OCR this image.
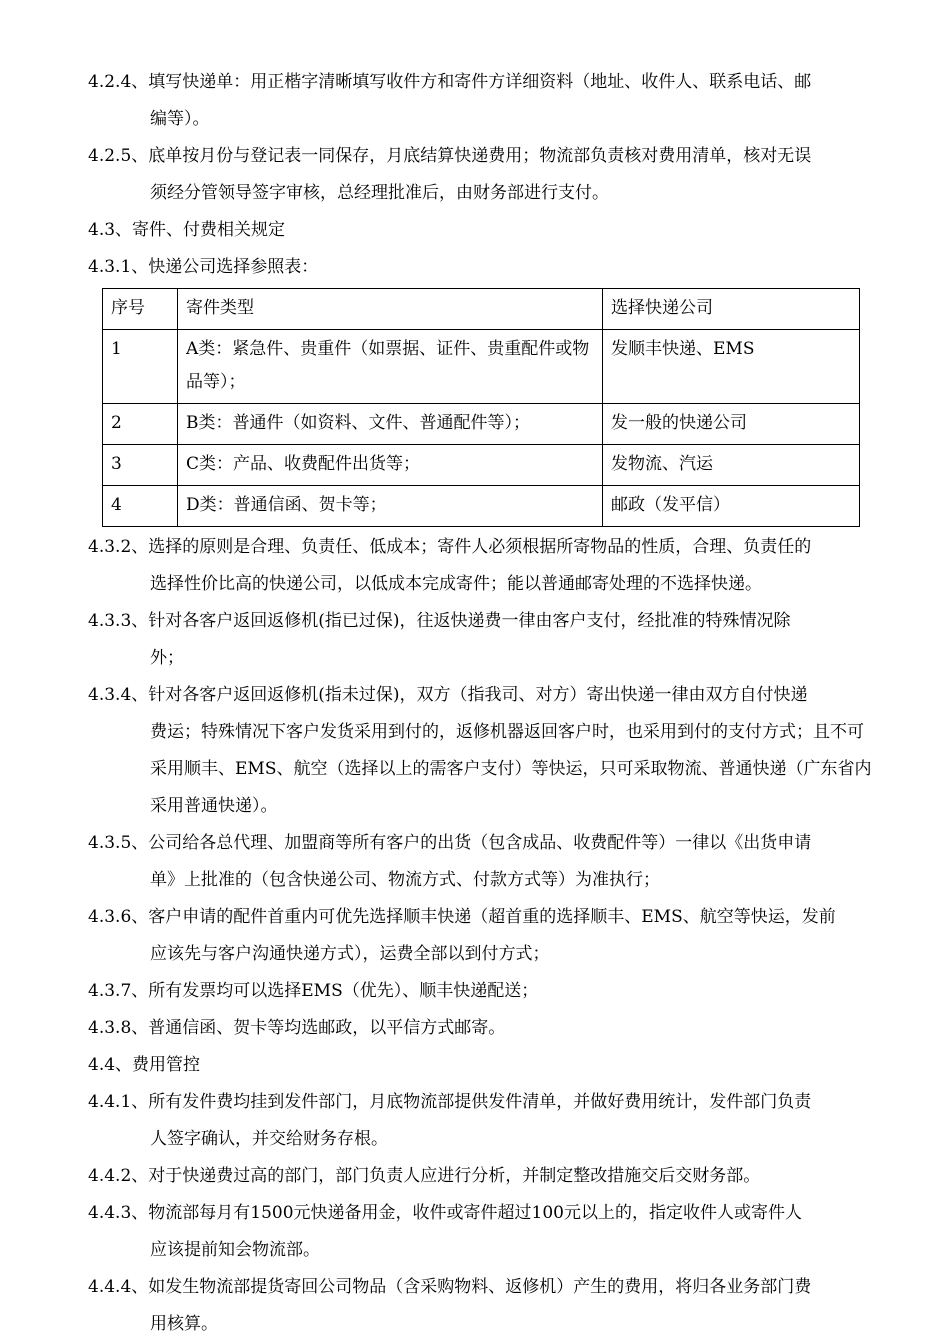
4.2.4、填写快递单：用正楷字清晰填写收件方和寄件方详细资料（地址、收件人、联系电话、邮
编等）。

4.2.5、底单按月份与登记表一同保存，月底结算快递费用；物流部负责核对费用清单，核对无误
须经分管领导签字审核，总经理批准后，由财务部进行支付。

4.3、寄件、付费相关规定

4.3.1、快递公司选择参照表：

序号	寄件类型	选择快递公司
1	A类：紧急件、贵重件（如票据、证件、贵重配件或物品等）；	发顺丰快递、EMS
2	B类：普通件（如资料、文件、普通配件等）；	发一般的快递公司
3	C类：产品、收费配件出货等；	发物流、汽运
4	D类：普通信函、贺卡等；	邮政（发平信）

4.3.2、选择的原则是合理、负责任、低成本；寄件人必须根据所寄物品的性质，合理、负责任的
选择性价比高的快递公司，以低成本完成寄件；能以普通邮寄处理的不选择快递。

4.3.3、针对各客户返回返修机(指已过保)，往返快递费一律由客户支付，经批准的特殊情况除
外；

4.3.4、针对各客户返回返修机(指未过保)，双方（指我司、对方）寄出快递一律由双方自付快递
费运；特殊情况下客户发货采用到付的，返修机器返回客户时，也采用到付的支付方式；且不可采用顺丰、EMS、航空（选择以上的需客户支付）等快运，只可采取物流、普通快递（广东省内采用普通快递）。

4.3.5、公司给各总代理、加盟商等所有客户的出货（包含成品、收费配件等）一律以《出货申请
单》上批准的（包含快递公司、物流方式、付款方式等）为准执行；

4.3.6、客户申请的配件首重内可优先选择顺丰快递（超首重的选择顺丰、EMS、航空等快运，发前
应该先与客户沟通快递方式），运费全部以到付方式；

4.3.7、所有发票均可以选择EMS（优先）、顺丰快递配送；

4.3.8、普通信函、贺卡等均选邮政，以平信方式邮寄。

4.4、费用管控

4.4.1、所有发件费均挂到发件部门，月底物流部提供发件清单，并做好费用统计，发件部门负责
人签字确认，并交给财务存根。

4.4.2、对于快递费过高的部门，部门负责人应进行分析，并制定整改措施交后交财务部。

4.4.3、物流部每月有1500元快递备用金，收件或寄件超过100元以上的，指定收件人或寄件人
应该提前知会物流部。

4.4.4、如发生物流部提货寄回公司物品（含采购物料、返修机）产生的费用，将归各业务部门费
用核算。
